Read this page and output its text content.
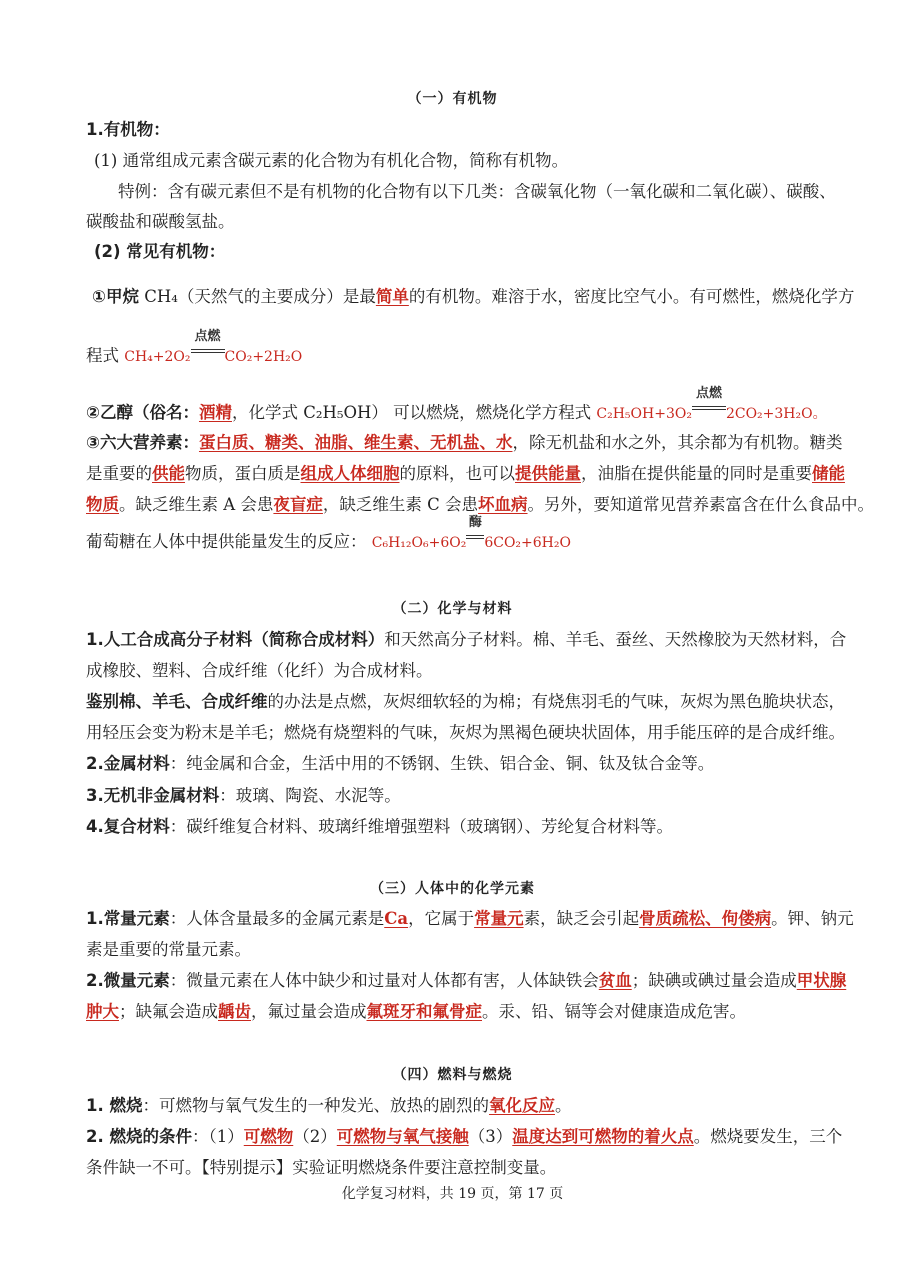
（一）有机物
1.有机物：
(1) 通常组成元素含碳元素的化合物为有机化合物，简称有机物。
特例：含有碳元素但不是有机物的化合物有以下几类：含碳氧化物（一氧化碳和二氧化碳）、碳酸、
碳酸盐和碳酸氢盐。
(2) 常见有机物：
①甲烷 CH₄（天然气的主要成分）是最简单的有机物。难溶于水，密度比空气小。有可燃性，燃烧化学方
程式 CH₄+2O₂
点燃
CO₂+2H₂O
②乙醇（俗名：酒精，化学式 C₂H₅OH） 可以燃烧，燃烧化学方程式 C₂H₅OH+3O₂
点燃
2CO₂+3H₂O。
③六大营养素：蛋白质、糖类、油脂、维生素、无机盐、水，除无机盐和水之外，其余都为有机物。糖类
是重要的供能物质，蛋白质是组成人体细胞的原料，也可以提供能量，油脂在提供能量的同时是重要储能
物质。缺乏维生素 A 会患夜盲症，缺乏维生素 C 会患坏血病。另外，要知道常见营养素富含在什么食品中。
葡萄糖在人体中提供能量发生的反应： C₆H₁₂O₆+6O₂
酶
6CO₂+6H₂O
（二）化学与材料
1.人工合成高分子材料（简称合成材料）和天然高分子材料。棉、羊毛、蚕丝、天然橡胶为天然材料，合
成橡胶、塑料、合成纤维（化纤）为合成材料。
鉴别棉、羊毛、合成纤维的办法是点燃，灰烬细软轻的为棉；有烧焦羽毛的气味，灰烬为黑色脆块状态，
用轻压会变为粉末是羊毛；燃烧有烧塑料的气味，灰烬为黑褐色硬块状固体，用手能压碎的是合成纤维。
2.金属材料：纯金属和合金，生活中用的不锈钢、生铁、铝合金、铜、钛及钛合金等。
3.无机非金属材料：玻璃、陶瓷、水泥等。
4.复合材料：碳纤维复合材料、玻璃纤维增强塑料（玻璃钢）、芳纶复合材料等。
（三）人体中的化学元素
1.常量元素：人体含量最多的金属元素是Ca，它属于常量元素，缺乏会引起骨质疏松、佝偻病。钾、钠元
素是重要的常量元素。
2.微量元素：微量元素在人体中缺少和过量对人体都有害，人体缺铁会贫血；缺碘或碘过量会造成甲状腺
肿大；缺氟会造成龋齿，氟过量会造成氟斑牙和氟骨症。汞、铅、镉等会对健康造成危害。
（四）燃料与燃烧
1. 燃烧：可燃物与氧气发生的一种发光、放热的剧烈的氧化反应。
2. 燃烧的条件：（1）可燃物（2）可燃物与氧气接触（3）温度达到可燃物的着火点。燃烧要发生，三个
条件缺一不可。【特别提示】实验证明燃烧条件要注意控制变量。
化学复习材料，共 19 页，第 17 页
